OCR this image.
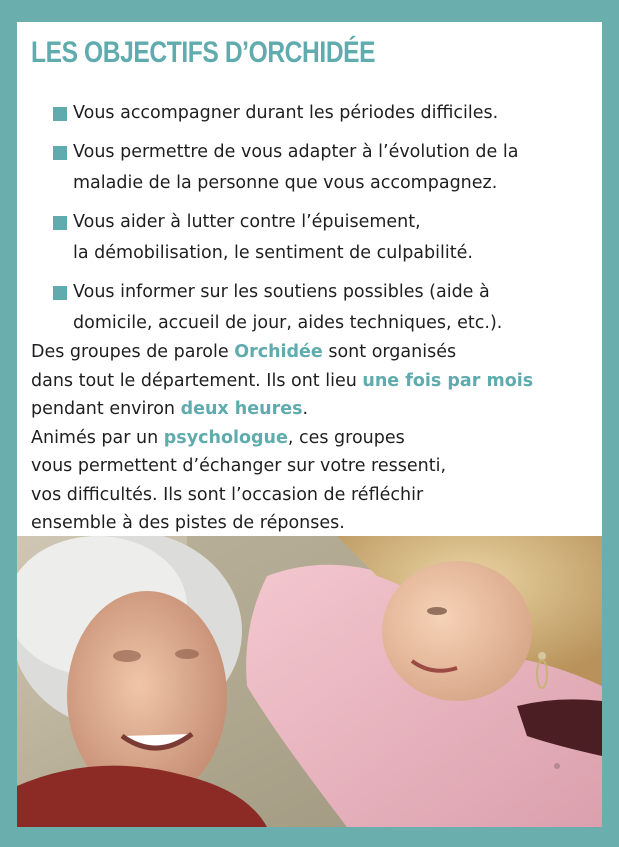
LES OBJECTIFS D’ORCHIDÉE
Vous accompagner durant les périodes difficiles.
Vous permettre de vous adapter à l’évolution de la
maladie de la personne que vous accompagnez.
Vous aider à lutter contre l’épuisement,
la démobilisation, le sentiment de culpabilité.
Vous informer sur les soutiens possibles (aide à
domicile, accueil de jour, aides techniques, etc.).

Des groupes de parole Orchidée sont organisés
dans tout le département. Ils ont lieu une fois par mois
pendant environ deux heures.
Animés par un psychologue, ces groupes
vous permettent d’échanger sur votre ressenti,
vos difficultés. Ils sont l’occasion de réfléchir
ensemble à des pistes de réponses.
